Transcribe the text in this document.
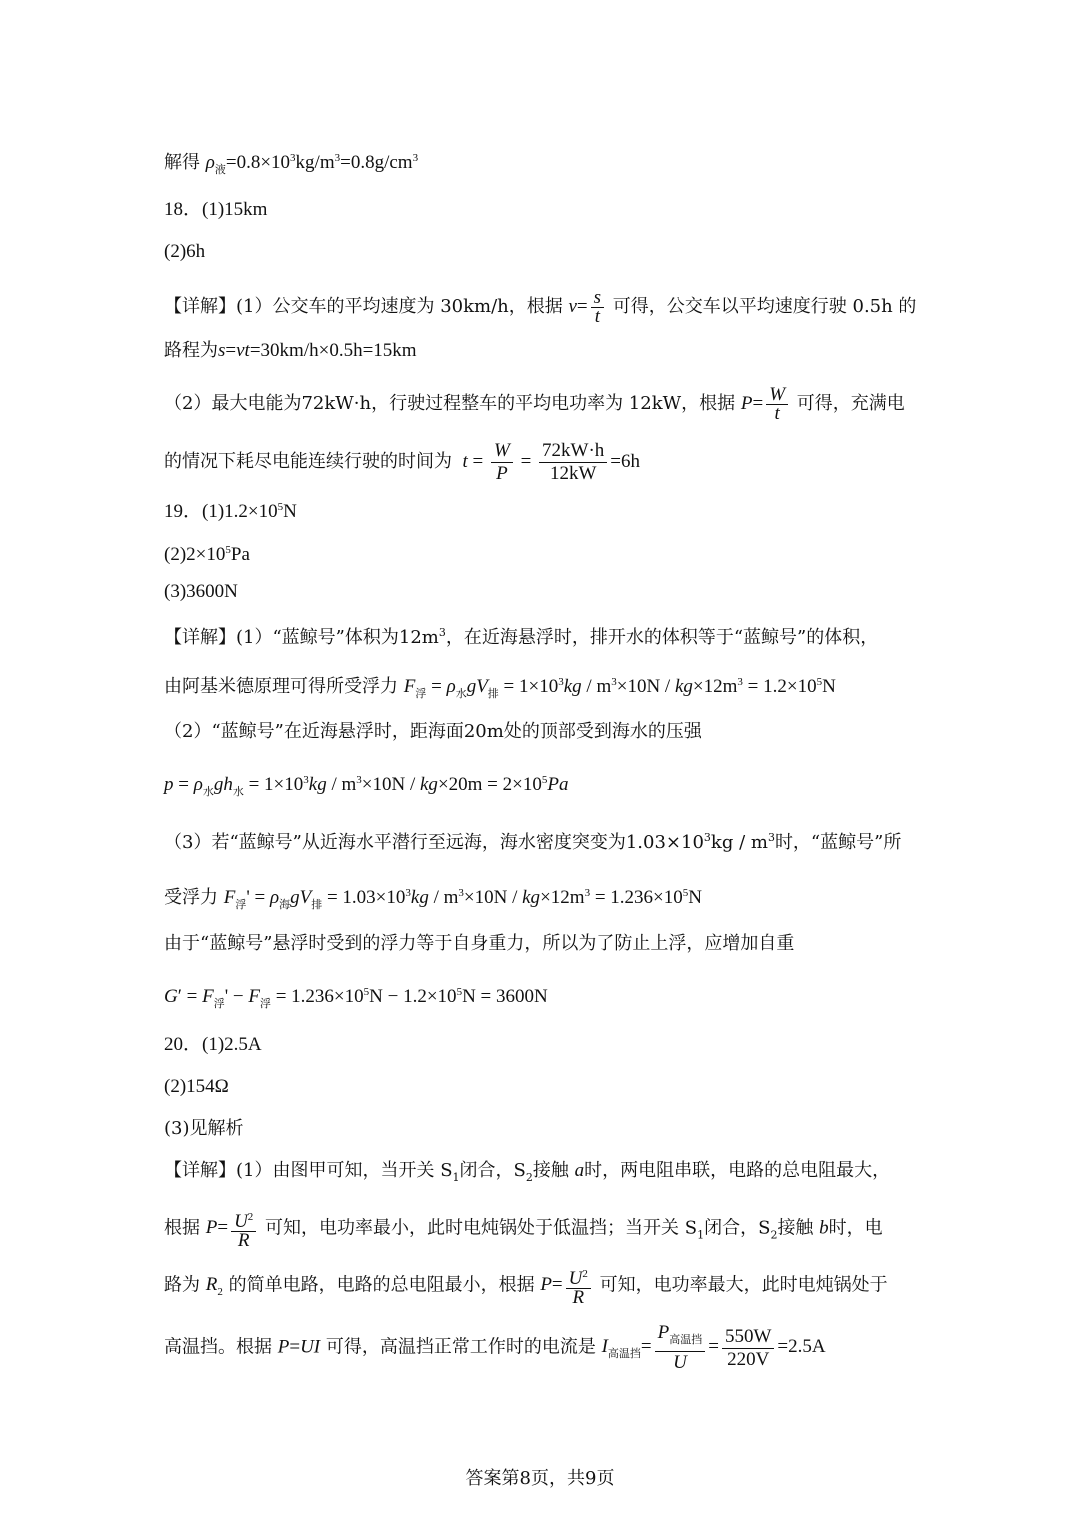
解得 $\rho_液=0.8\times 10^3kg/m^3=0.8g/cm^3$
18．(1)15km
(2)6h
【详解】(1）公交车的平均速度为 30km/h，根据 $v= \frac{s}{t}$ 可得，公交车以平均速度行驶 0.5h 的
路程为s=vt=30km/h×0.5h=15km
（2）最大电能为72kW·h，行驶过程整车的平均电功率为 12kW，根据 $P= \frac{W}{t}$ 可得，充满电
的情况下耗尽电能连续行驶的时间为 $t = \frac{W}{P} = \frac{72kW\cdot h}{12kW} =6h$
19．$(1)1.2\times 10^5N$
$(2)2\times 10^5Pa$
(3)3600N
【详解】(1）“蓝鲸号”体积为$12m^3$，在近海悬浮时，排开水的体积等于“蓝鲸号”的体积，
由阿基米德原理可得所受浮力 $F_浮 = \rho_水gV_排 = 1\times 10^3kg / m^3\times 10N / kg\times 12m^3 = 1.2\times 10^5N$
（2）“蓝鲸号”在近海悬浮时，距海面20m处的顶部受到海水的压强
$p = \rho_水gh_水 = 1\times 10^3kg / m^3\times 10N / kg\times 20m = 2\times 10^5Pa$
（3）若“蓝鲸号”从近海水平潜行至远海，海水密度突变为$1.03\times 10^3kg / m^3$时，“蓝鲸号”所
受浮力 $F_浮' = \rho_海gV_排 = 1.03\times 10^3kg / m^3\times 10N / kg\times 12m^3 = 1.236\times 10^5N$
由于“蓝鲸号”悬浮时受到的浮力等于自身重力，所以为了防止上浮，应增加自重
$G' = F_浮' - F_浮 = 1.236\times 10^5N - 1.2\times 10^5N = 3600N$
20．(1)2.5A
(2)154Ω
(3)见解析
【详解】(1）由图甲可知，当开关 $S_1$闭合，$S_2$接触 a时，两电阻串联，电路的总电阻最大，
根据 $P= \frac{U^2}{R}$ 可知，电功率最小，此时电炖锅处于低温挡；当开关 $S_1$闭合，$S_2$接触 b时，电
路为 $R_2$ 的简单电路，电路的总电阻最小，根据 $P= \frac{U^2}{R}$ 可知，电功率最大，此时电炖锅处于
高温挡。根据 P=UI 可得，高温挡正常工作时的电流是 $I_{高温挡}= \frac{P_{高温挡}}{U} = \frac{550W}{220V} =2.5A$
答案第8页，共9页
